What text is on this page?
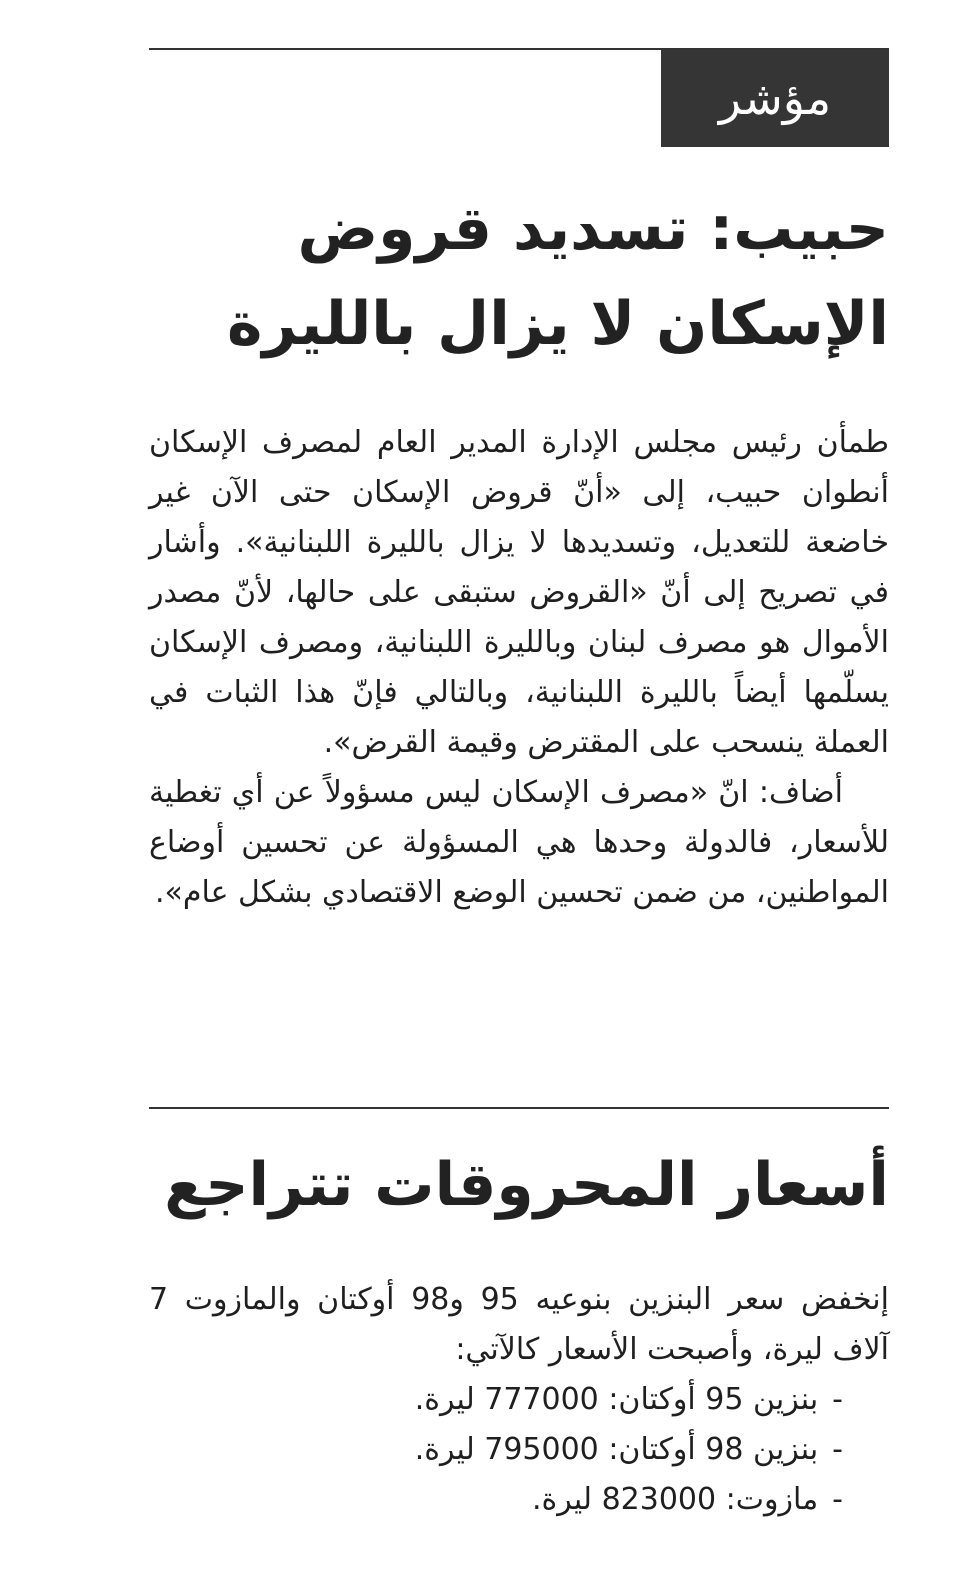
مؤشر
حبيب: تسديد قروض الإسكان لا يزال بالليرة

طمأن رئيس مجلس الإدارة المدير العام لمصرف الإسكان أنطوان حبيب، إلى «أنّ قروض الإسكان حتى الآن غير خاضعة للتعديل، وتسديدها لا يزال بالليرة اللبنانية». وأشار في تصريح إلى أنّ «القروض ستبقى على حالها، لأنّ مصدر الأموال هو مصرف لبنان وبالليرة اللبنانية، ومصرف الإسكان يسلّمها أيضاً بالليرة اللبنانية، وبالتالي فإنّ هذا الثبات في العملة ينسحب على المقترض وقيمة القرض».

أضاف: انّ «مصرف الإسكان ليس مسؤولاً عن أي تغطية للأسعار، فالدولة وحدها هي المسؤولة عن تحسين أوضاع المواطنين، من ضمن تحسين الوضع الاقتصادي بشكل عام».

أسعار المحروقات تتراجع

إنخفض سعر البنزين بنوعيه 95 و98 أوكتان والمازوت 7 آلاف ليرة، وأصبحت الأسعار كالآتي:

-بنزين 95 أوكتان: 777000 ليرة.
-بنزين 98 أوكتان: 795000 ليرة.
-مازوت: 823000 ليرة.
